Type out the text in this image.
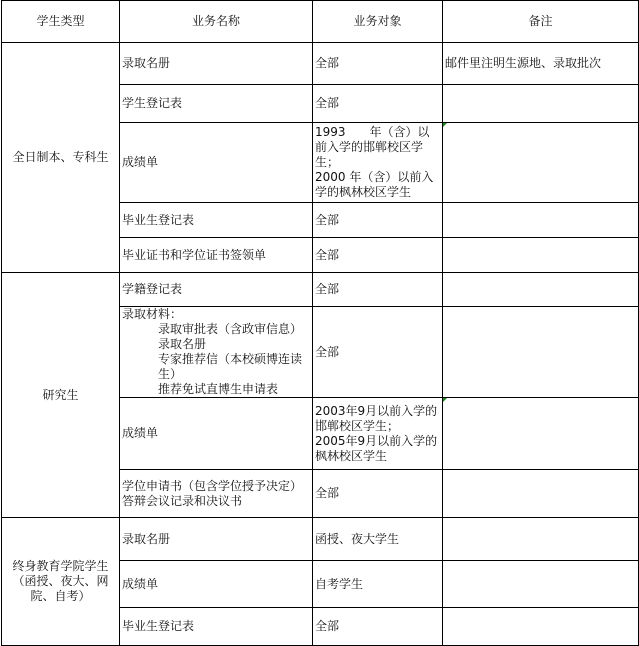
学生类型	业务名称	业务对象	备注
全日制本、专科生	录取名册	全部	邮件里注明生源地、录取批次
	学生登记表	全部	
	成绩单	1993　　年（含）以前入学的邯郸校区学生；
2000 年（含）以前入学的枫林校区学生	

	毕业生登记表	全部	
	毕业证书和学位证书签领单	全部	
研究生	学籍登记表	全部	

	录取材料：
录取审批表（含政审信息）
录取名册
专家推荐信（本校硕博连读生）
推荐免试直博生申请表	全部	
	成绩单	2003年9月以前入学的邯郸校区学生；
2005年9月以前入学的枫林校区学生	

	学位申请书（包含学位授予决定）
答辩会议记录和决议书	全部	
终身教育学院学生（函授、夜大、网院、自考）	录取名册	函授、夜大学生	
	成绩单	自考学生	
	毕业生登记表	全部	
